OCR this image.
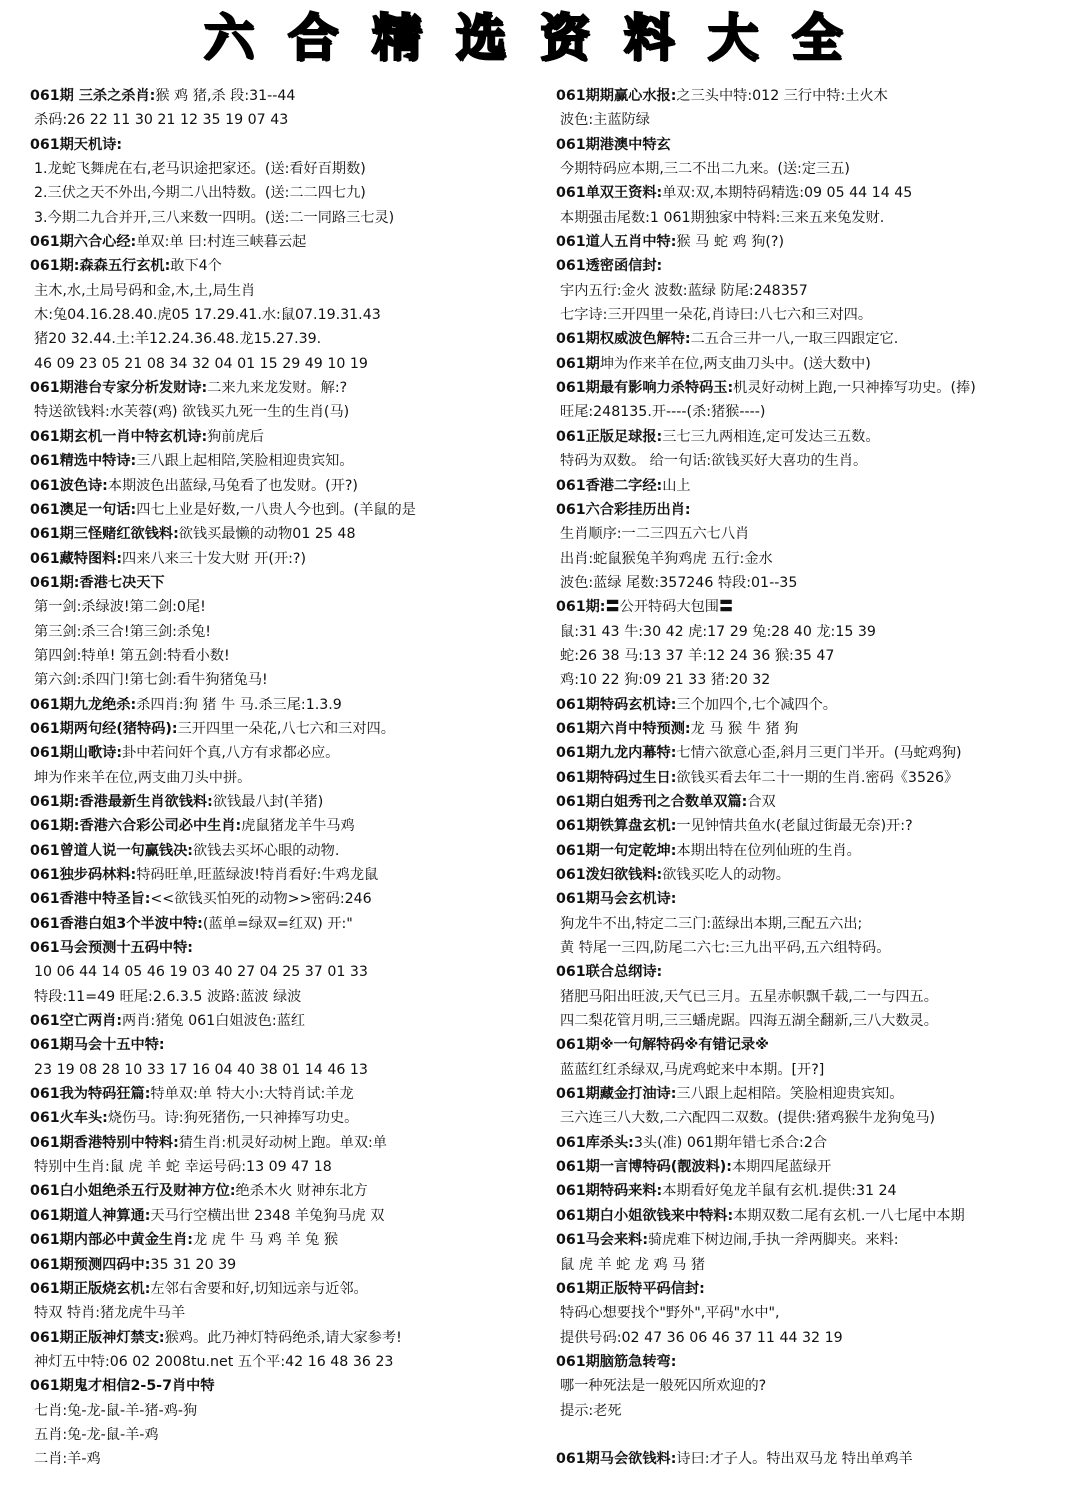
六合精选资料大全
061期 三杀之杀肖:猴 鸡 猪,杀 段:31--44
杀码:26 22 11 30 21 12 35 19 07 43
061期天机诗:
1.龙蛇飞舞虎在右,老马识途把家还。(送:看好百期数)
2.三伏之天不外出,今期二八出特数。(送:二二四七九)
3.今期二九合并开,三八来数一四明。(送:二一同路三七灵)
061期六合心经:单双:单 曰:村连三峡暮云起
061期:森森五行玄机:敢下4个
主木,水,土局号码和金,木,土,局生肖
木:兔04.16.28.40.虎05 17.29.41.水:鼠07.19.31.43
猪20 32.44.土:羊12.24.36.48.龙15.27.39.
46 09 23 05 21 08 34 32 04 01 15 29 49 10 19
061期港台专家分析发财诗:二来九来龙发财。解:?
特送欲钱料:水芙蓉(鸡) 欲钱买九死一生的生肖(马)
061期玄机一肖中特玄机诗:狗前虎后
061精选中特诗:三八跟上起相陪,笑脸相迎贵宾知。
061波色诗:本期波色出蓝绿,马兔看了也发财。(开?)
061澳足一句话:四七上业是好数,一八贵人今也到。(羊鼠的是
061期三怪赌红欲钱料:欲钱买最懒的动物01 25 48
061藏特图料:四来八来三十发大财 开(开:?)
061期:香港七决天下
第一剑:杀绿波!第二剑:0尾!
第三剑:杀三合!第三剑:杀兔!
第四剑:特单! 第五剑:特看小数!
第六剑:杀四门!第七剑:看牛狗猪兔马!
061期九龙绝杀:杀四肖:狗 猪 牛 马.杀三尾:1.3.9
061期两句经(猪特码):三开四里一朵花,八七六和三对四。
061期山歌诗:卦中若问奸个真,八方有求都必应。
坤为作来羊在位,两支曲刀头中拼。
061期:香港最新生肖欲钱料:欲钱最八封(羊猪)
061期:香港六合彩公司必中生肖:虎鼠猪龙羊牛马鸡
061曾道人说一句赢钱决:欲钱去买坏心眼的动物.
061独步码林料:特码旺单,旺蓝绿波!特肖看好:牛鸡龙鼠
061香港中特圣旨:<<欲钱买怕死的动物>>密码:246
061香港白姐3个半波中特:(蓝单=绿双=红双) 开:"
061马会预测十五码中特:
10 06 44 14 05 46 19 03 40 27 04 25 37 01 33
特段:11=49 旺尾:2.6.3.5 波路:蓝波 绿波
061空亡两肖:两肖:猪兔 061白姐波色:蓝红
061期马会十五中特:
23 19 08 28 10 33 17 16 04 40 38 01 14 46 13
061我为特码狂篇:特单双:单 特大小:大特肖试:羊龙
061火车头:烧伤马。诗:狗死猪伤,一只神捧写功史。
061期香港特别中特料:猜生肖:机灵好动树上跑。单双:单
特别中生肖:鼠 虎 羊 蛇 幸运号码:13 09 47 18
061白小姐绝杀五行及财神方位:绝杀木火 财神东北方
061期道人神算通:天马行空横出世 2348 羊兔狗马虎 双
061期内部必中黄金生肖:龙 虎 牛 马 鸡 羊 兔 猴
061期预测四码中:35 31 20 39
061期正版烧玄机:左邻右舍要和好,切知远亲与近邻。
特双 特肖:猪龙虎牛马羊
061期正版神灯禁支:猴鸡。此乃神灯特码绝杀,请大家参考!
神灯五中特:06 02 2008tu.net 五个平:42 16 48 36 23
061期鬼才相信2-5-7肖中特
七肖:兔-龙-鼠-羊-猪-鸡-狗
五肖:兔-龙-鼠-羊-鸡
二肖:羊-鸡
061期期赢心水报:之三头中特:012 三行中特:土火木
波色:主蓝防绿
061期港澳中特玄
今期特码应本期,三二不出二九来。(送:定三五)
061单双王资料:单双:双,本期特码精选:09 05 44 14 45
本期强击尾数:1 061期独家中特料:三来五来兔发财.
061道人五肖中特:猴 马 蛇 鸡 狗(?)
061透密函信封:
宇内五行:金火 波数:蓝绿 防尾:248357
七字诗:三开四里一朵花,肖诗曰:八七六和三对四。
061期权威波色解特:二五合三井一八,一取三四跟定它.
061期坤为作来羊在位,两支曲刀头中。(送大数中)
061期最有影响力杀特码玉:机灵好动树上跑,一只神捧写功史。(捧)
旺尾:248135.开----(杀:猪猴----)
061正版足球报:三七三九两相连,定可发达三五数。
特码为双数。 给一句话:欲钱买好大喜功的生肖。
061香港二字经:山上
061六合彩挂历出肖:
生肖顺序:一二三四五六七八肖
出肖:蛇鼠猴兔羊狗鸡虎 五行:金水
波色:蓝绿 尾数:357246 特段:01--35
061期:〓公开特码大包围〓
鼠:31 43 牛:30 42 虎:17 29 兔:28 40 龙:15 39
蛇:26 38 马:13 37 羊:12 24 36 猴:35 47
鸡:10 22 狗:09 21 33 猪:20 32
061期特码玄机诗:三个加四个,七个减四个。
061期六肖中特预测:龙 马 猴 牛 猪 狗
061期九龙内幕特:七情六欲意心歪,斜月三更门半开。(马蛇鸡狗)
061期特码过生日:欲钱买看去年二十一期的生肖.密码《3526》
061期白姐秀刊之合数单双篇:合双
061期铁算盘玄机:一见钟情共鱼水(老鼠过街最无奈)开:?
061期一句定乾坤:本期出特在位列仙班的生肖。
061泼妇欲钱料:欲钱买吃人的动物。
061期马会玄机诗:
狗龙牛不出,特定二三门:蓝绿出本期,三配五六出;
黄 特尾一三四,防尾二六七:三九出平码,五六组特码。
061联合总纲诗:
猪肥马阳出旺波,天气已三月。五星赤帜飘千载,二一与四五。
四二梨花管月明,三三蟠虎踞。四海五湖全翻新,三八大数灵。
061期※一句解特码※有错记录※
蓝蓝红红杀绿双,马虎鸡蛇来中本期。[开?]
061期藏金打油诗:三八跟上起相陪。笑脸相迎贵宾知。
三六连三八大数,二六配四二双数。(提供:猪鸡猴牛龙狗兔马)
061库杀头:3头(准) 061期年错七杀合:2合
061期一言博特码(靓波料):本期四尾蓝绿开
061期特码来料:本期看好兔龙羊鼠有玄机.提供:31 24
061期白小姐欲钱来中特料:本期双数二尾有玄机.一八七尾中本期
061马会来料:骑虎难下树边闹,手执一斧两脚夹。来料:
鼠 虎 羊 蛇 龙 鸡 马 猪
061期正版特平码信封:
特码心想要找个"野外",平码"水中",
提供号码:02 47 36 06 46 37 11 44 32 19
061期脑筋急转弯:
哪一种死法是一般死囚所欢迎的?
提示:老死
061期马会欲钱料:诗曰:才子人。特出双马龙 特出单鸡羊
